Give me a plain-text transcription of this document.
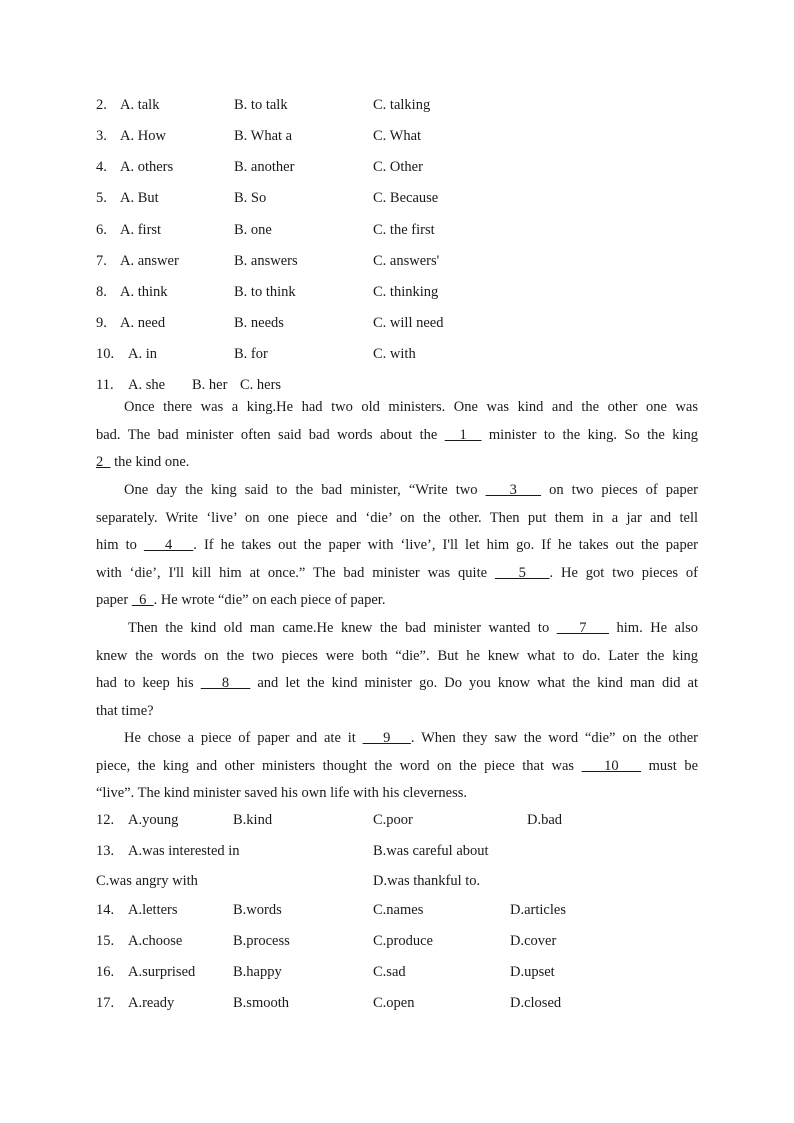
2. A. talk	B. to talk	C. talking
3. A. How	B. What a	C. What
4. A. others	B. another	C. Other
5. A. But	B. So	C. Because
6. A. first	B. one	C. the first
7. A. answer	B. answers	C. answers'
8. A. think	B. to think	C. thinking
9. A. need	B. needs	C. will need
10. A. in	B. for	C. with
11. A. she B. her C. hers
Once there was a king.He had two old ministers. One was kind and the other one was
bad. The bad minister often said bad words about the   1   minister to the king. So the king
2   the kind one.
One day the king said to the bad minister, “Write two    3    on two pieces of paper
separately. Write ‘live’ on one piece and ‘die’ on the other. Then put them in a jar and tell
him to    4   . If he takes out the paper with ‘live’, I'll let him go. If he takes out the paper
with ‘die’, I'll kill him at once.” The bad minister was quite    5   . He got two pieces of
paper   6  . He wrote “die” on each piece of paper.
Then the kind old man came.He knew the bad minister wanted to    7    him. He also
knew the words on the two pieces were both “die”. But he knew what to do. Later the king
had to keep his    8    and let the kind minister go. Do you know what the kind man did at
that time?
He chose a piece of paper and ate it    9   . When they saw the word “die” on the other
piece, the king and other ministers thought the word on the piece that was    10    must be
“live”. The kind minister saved his own life with his cleverness.
12. A.young	B.kind	C.poor	D.bad
13. A.was interested in	B.was careful about
C.was angry with	D.was thankful to.
14. A.letters	B.words	C.names	D.articles
15. A.choose	B.process	C.produce	D.cover
16. A.surprised	B.happy	C.sad	D.upset
17. A.ready	B.smooth	C.open	D.closed
